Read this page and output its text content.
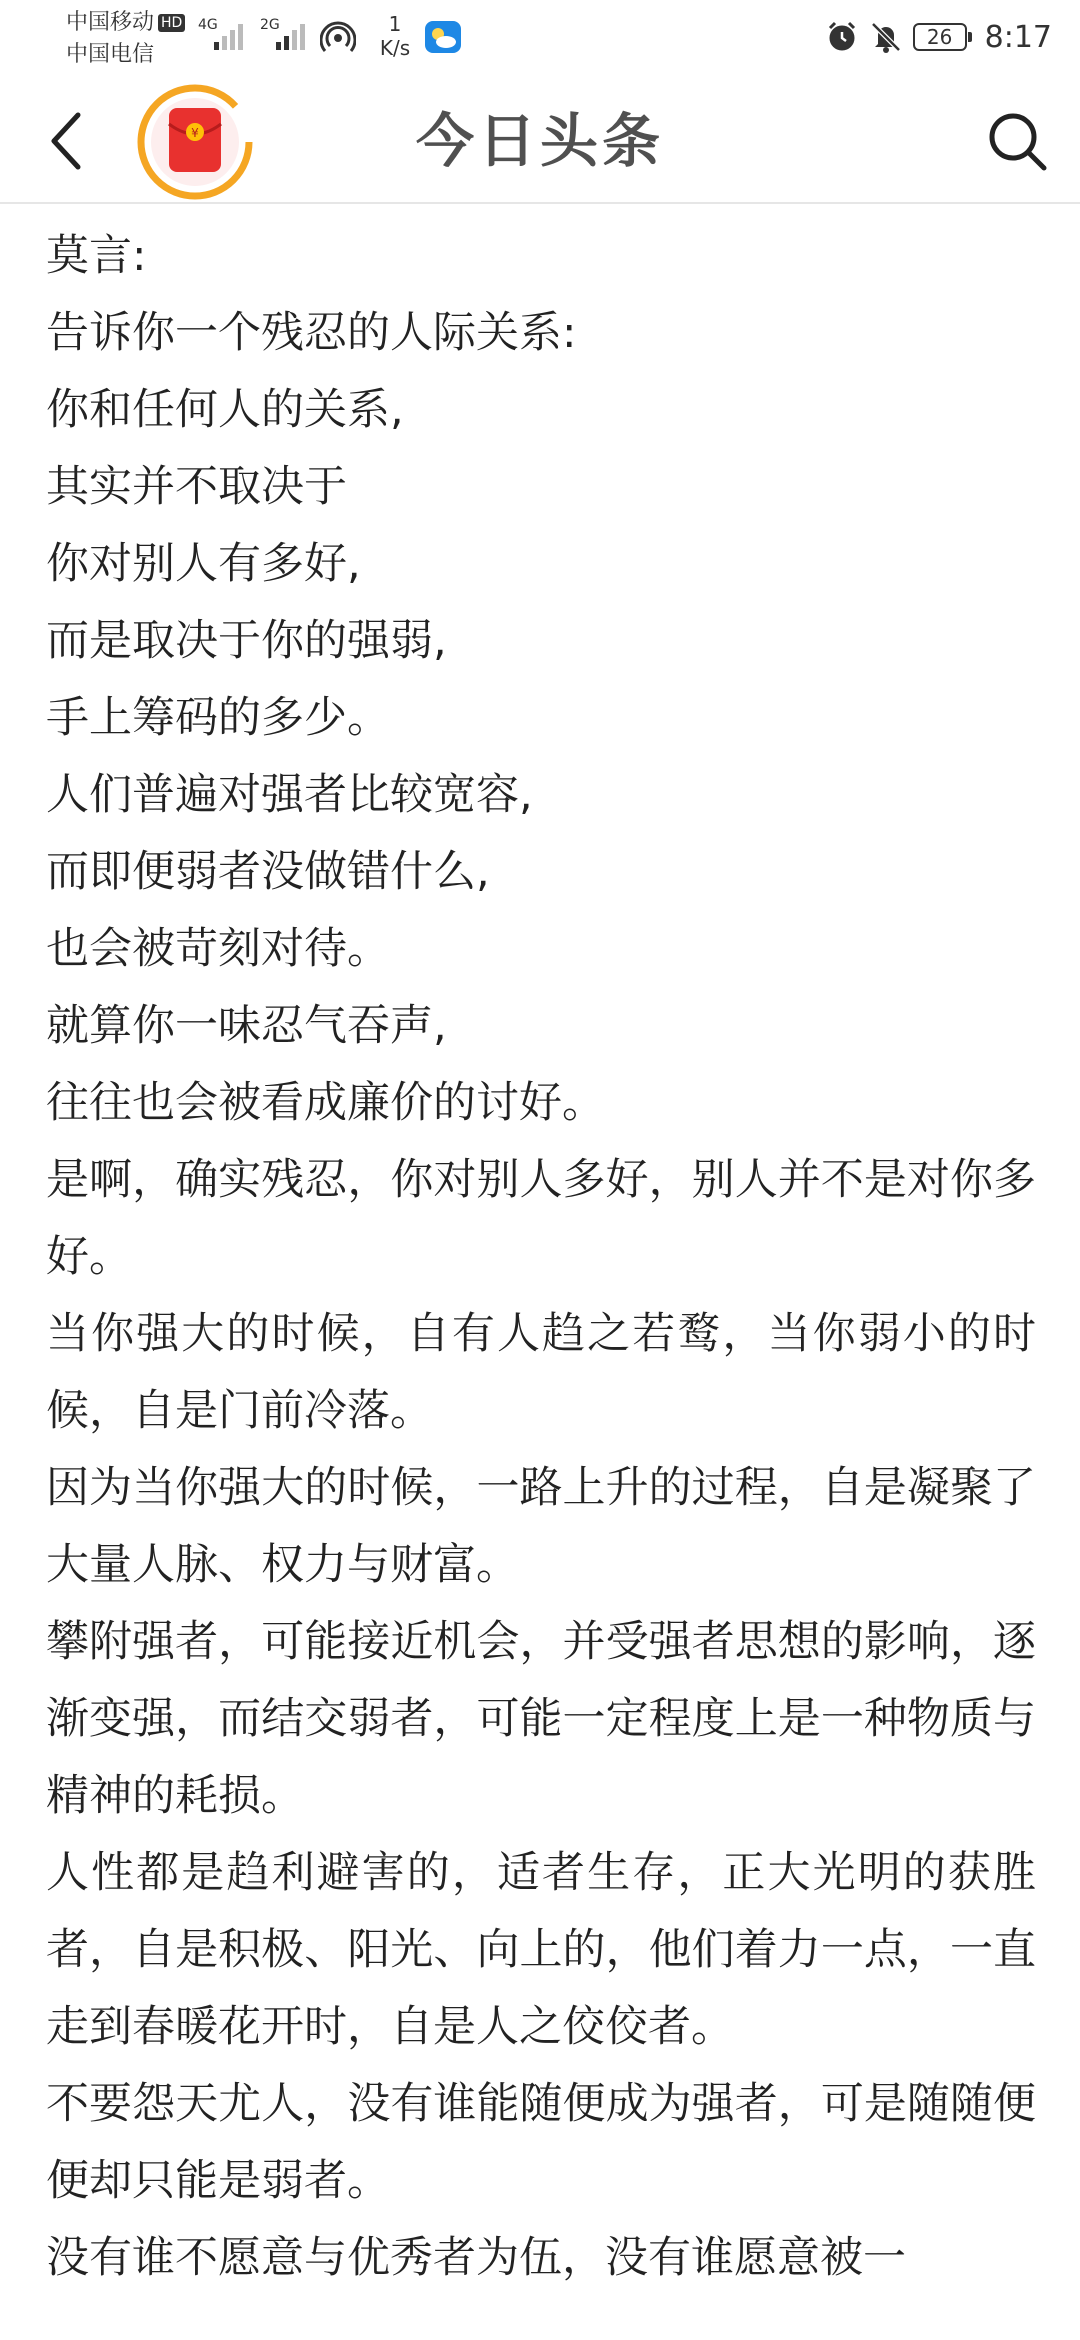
中国移动 HD
中国电信
4G	2G	1
K/s	26	8:17
¥	今日头条

莫言:

告诉你一个残忍的人际关系:

你和任何人的关系,

其实并不取决于

你对别人有多好,

而是取决于你的强弱,

手上筹码的多少。

人们普遍对强者比较宽容,

而即便弱者没做错什么,

也会被苛刻对待。

就算你一味忍气吞声,

往往也会被看成廉价的讨好。

是啊，确实残忍，你对别人多好，别人并不是对你多好。

当你强大的时候，自有人趋之若鹜，当你弱小的时候，自是门前冷落。

因为当你强大的时候，一路上升的过程，自是凝聚了大量人脉、权力与财富。

攀附强者，可能接近机会，并受强者思想的影响，逐渐变强，而结交弱者，可能一定程度上是一种物质与精神的耗损。

人性都是趋利避害的，适者生存，正大光明的获胜者，自是积极、阳光、向上的，他们着力一点，一直走到春暖花开时，自是人之佼佼者。

不要怨天尤人，没有谁能随便成为强者，可是随随便便却只能是弱者。

没有谁不愿意与优秀者为伍，没有谁愿意被一
